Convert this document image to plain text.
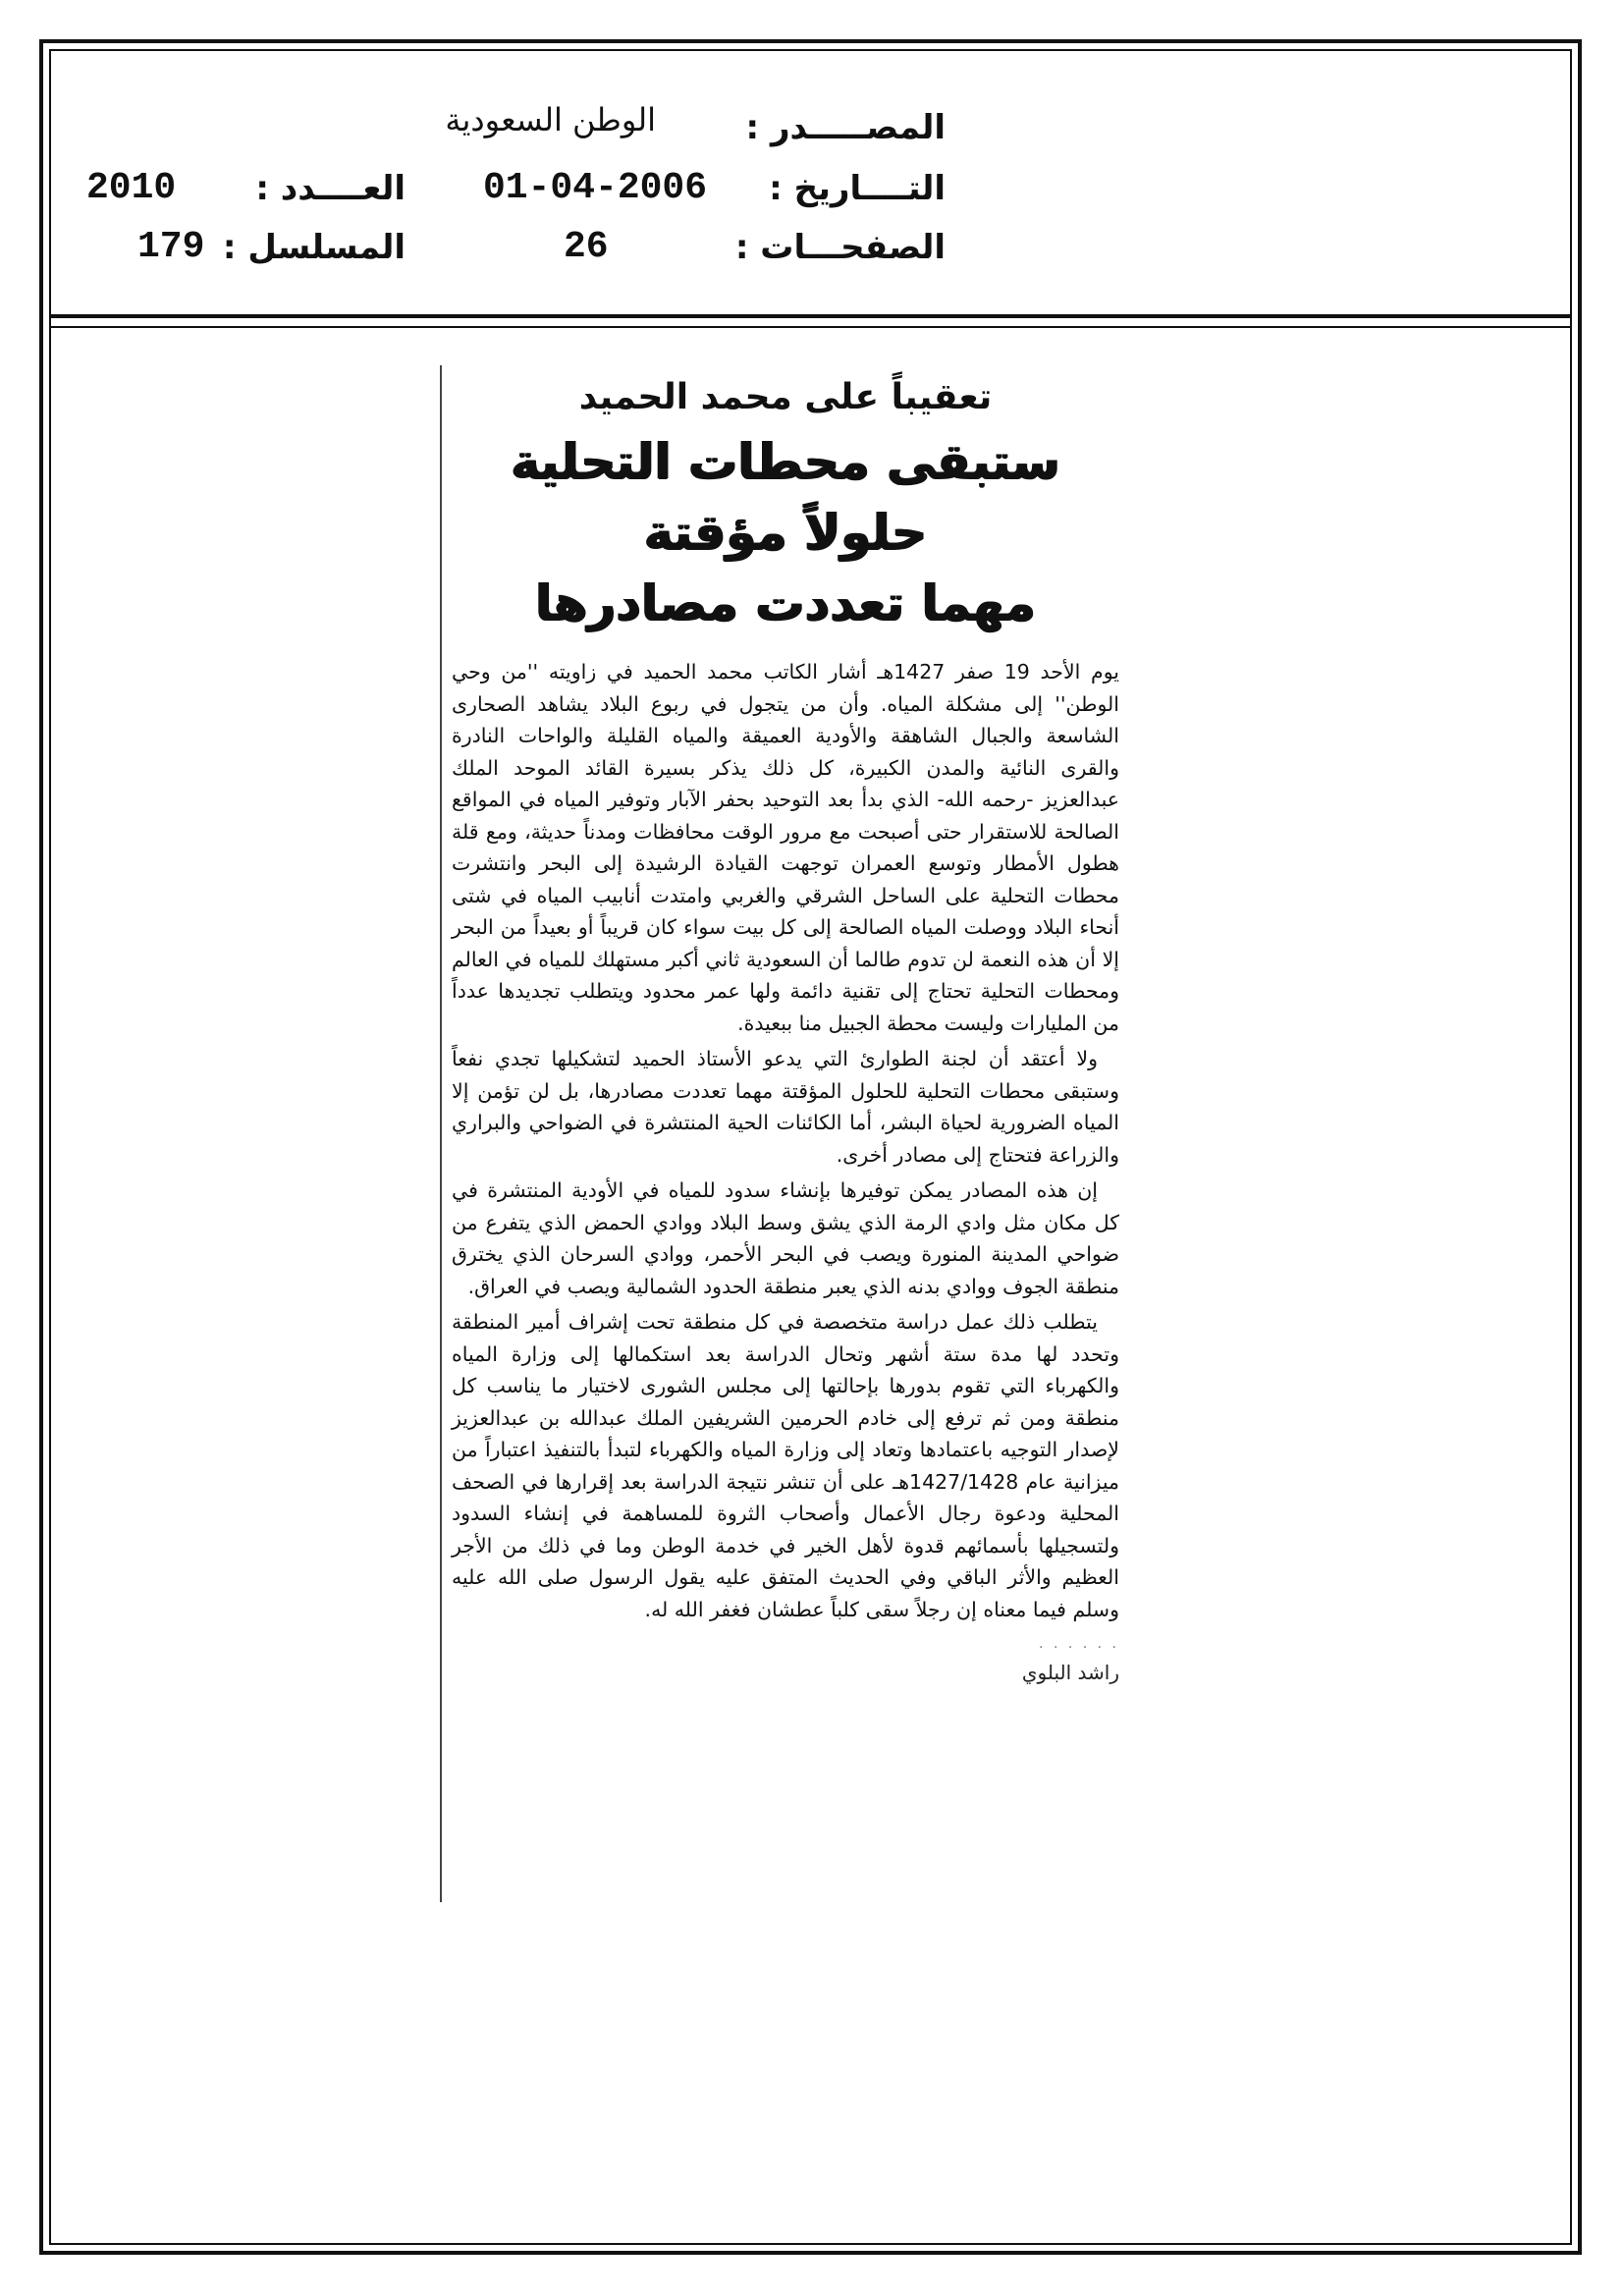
المصـــــدر :
الوطن السعودية
التــــاريخ :
01-04-2006
الصفحـــات :
26
العــــدد :
2010
المسلسل :
179
تعقيباً على محمد الحميد
ستبقى محطات التحلية حلولاً مؤقتة
مهما تعددت مصادرها

يوم الأحد 19 صفر 1427هـ أشار الكاتب محمد الحميد في زاويته ''من وحي الوطن'' إلى مشكلة المياه. وأن من يتجول في ربوع البلاد يشاهد الصحارى الشاسعة والجبال الشاهقة والأودية العميقة والمياه القليلة والواحات النادرة والقرى النائية والمدن الكبيرة، كل ذلك يذكر بسيرة القائد الموحد الملك عبدالعزيز -رحمه الله- الذي بدأ بعد التوحيد بحفر الآبار وتوفير المياه في المواقع الصالحة للاستقرار حتى أصبحت مع مرور الوقت محافظات ومدناً حديثة، ومع قلة هطول الأمطار وتوسع العمران توجهت القيادة الرشيدة إلى البحر وانتشرت محطات التحلية على الساحل الشرقي والغربي وامتدت أنابيب المياه في شتى أنحاء البلاد ووصلت المياه الصالحة إلى كل بيت سواء كان قريباً أو بعيداً من البحر إلا أن هذه النعمة لن تدوم طالما أن السعودية ثاني أكبر مستهلك للمياه في العالم ومحطات التحلية تحتاج إلى تقنية دائمة ولها عمر محدود ويتطلب تجديدها عدداً من المليارات وليست محطة الجبيل منا ببعيدة.

ولا أعتقد أن لجنة الطوارئ التي يدعو الأستاذ الحميد لتشكيلها تجدي نفعاً وستبقى محطات التحلية للحلول المؤقتة مهما تعددت مصادرها، بل لن تؤمن إلا المياه الضرورية لحياة البشر، أما الكائنات الحية المنتشرة في الضواحي والبراري والزراعة فتحتاج إلى مصادر أخرى.

إن هذه المصادر يمكن توفيرها بإنشاء سدود للمياه في الأودية المنتشرة في كل مكان مثل وادي الرمة الذي يشق وسط البلاد ووادي الحمض الذي يتفرع من ضواحي المدينة المنورة ويصب في البحر الأحمر، ووادي السرحان الذي يخترق منطقة الجوف ووادي بدنه الذي يعبر منطقة الحدود الشمالية ويصب في العراق.

يتطلب ذلك عمل دراسة متخصصة في كل منطقة تحت إشراف أمير المنطقة وتحدد لها مدة ستة أشهر وتحال الدراسة بعد استكمالها إلى وزارة المياه والكهرباء التي تقوم بدورها بإحالتها إلى مجلس الشورى لاختيار ما يناسب كل منطقة ومن ثم ترفع إلى خادم الحرمين الشريفين الملك عبدالله بن عبدالعزيز لإصدار التوجيه باعتمادها وتعاد إلى وزارة المياه والكهرباء لتبدأ بالتنفيذ اعتباراً من ميزانية عام 1427/1428هـ على أن تنشر نتيجة الدراسة بعد إقرارها في الصحف المحلية ودعوة رجال الأعمال وأصحاب الثروة للمساهمة في إنشاء السدود ولتسجيلها بأسمائهم قدوة لأهل الخير في خدمة الوطن وما في ذلك من الأجر العظيم والأثر الباقي وفي الحديث المتفق عليه يقول الرسول صلى الله عليه وسلم فيما معناه إن رجلاً سقى كلباً عطشان فغفر الله له.

· · · · · ·
راشد البلوي
